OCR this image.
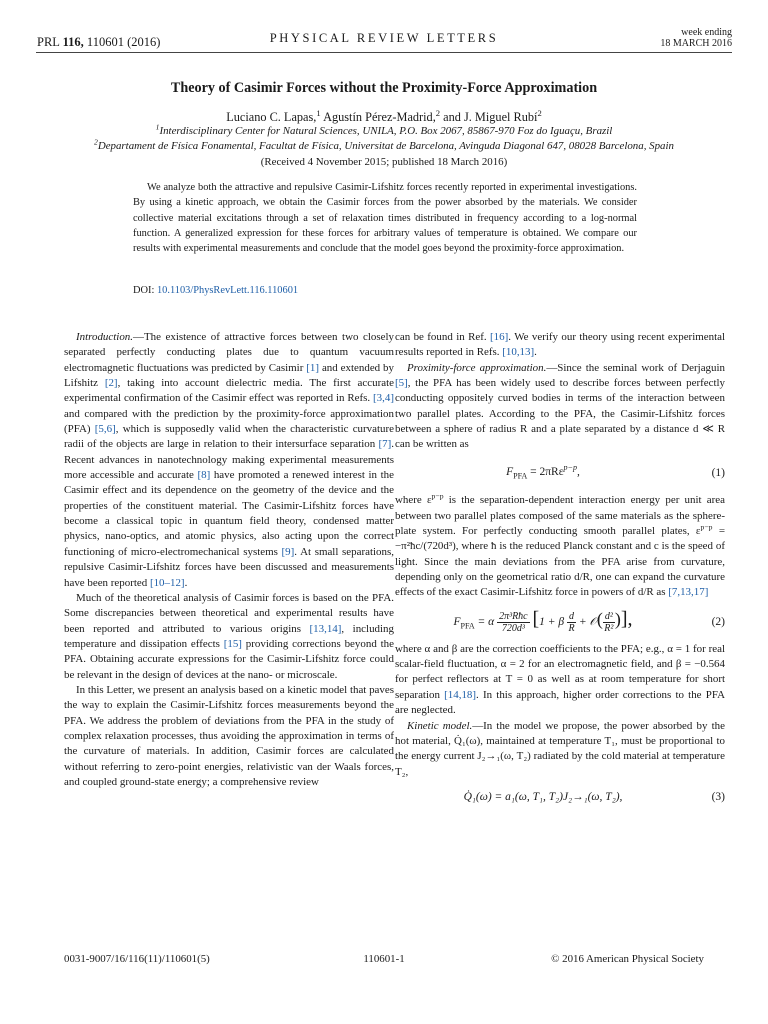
PRL 116, 110601 (2016)	PHYSICAL REVIEW LETTERS	week ending
18 MARCH 2016
Theory of Casimir Forces without the Proximity-Force Approximation
Luciano C. Lapas,$^1$ Agustín Pérez-Madrid,$^2$ and J. Miguel Rubí$^2$
$^1$Interdisciplinary Center for Natural Sciences, UNILA, P.O. Box 2067, 85867-970 Foz do Iguaçu, Brazil
$^2$Departament de Física Fonamental, Facultat de Física, Universitat de Barcelona, Avinguda Diagonal 647, 08028 Barcelona, Spain
(Received 4 November 2015; published 18 March 2016)

We analyze both the attractive and repulsive Casimir-Lifshitz forces recently reported in experimental investigations. By using a kinetic approach, we obtain the Casimir forces from the power absorbed by the materials. We consider collective material excitations through a set of relaxation times distributed in frequency according to a log-normal function. A generalized expression for these forces for arbitrary values of temperature is obtained. We compare our results with experimental measurements and conclude that the model goes beyond the proximity-force approximation.

DOI: 10.1103/PhysRevLett.116.110601

Introduction.—The existence of attractive forces between two closely separated perfectly conducting plates due to quantum vacuum electromagnetic fluctuations was predicted by Casimir [1] and extended by Lifshitz [2], taking into account dielectric media. The first accurate experimental confirmation of the Casimir effect was reported in Refs. [3,4] and compared with the prediction by the proximity-force approximation (PFA) [5,6], which is supposedly valid when the characteristic curvature radii of the objects are large in relation to their intersurface separation [7]. Recent advances in nanotechnology making experimental measurements more accessible and accurate [8] have promoted a renewed interest in the Casimir effect and its dependence on the geometry of the device and the properties of the constituent material. The Casimir-Lifshitz forces have become a classical topic in quantum field theory, condensed matter physics, nano-optics, and atomic physics, also acting upon the correct functioning of micro-electromechanical systems [9]. At small separations, repulsive Casimir-Lifshitz forces have been discussed and measurements have been reported [10–12].

Much of the theoretical analysis of Casimir forces is based on the PFA. Some discrepancies between theoretical and experimental results have been reported and attributed to various origins [13,14], including temperature and dissipation effects [15] providing corrections beyond the PFA. Obtaining accurate expressions for the Casimir-Lifshitz force could be relevant in the design of devices at the nano- or microscale.

In this Letter, we present an analysis based on a kinetic model that paves the way to explain the Casimir-Lifshitz forces measurements beyond the PFA. We address the problem of deviations from the PFA in the study of complex relaxation processes, thus avoiding the approximation in terms of the curvature of materials. In addition, Casimir forces are calculated without referring to zero-point energies, relativistic van der Waals forces, and coupled ground-state energy; a comprehensive review

can be found in Ref. [16]. We verify our theory using recent experimental results reported in Refs. [10,13].

Proximity-force approximation.—Since the seminal work of Derjaguin [5], the PFA has been widely used to describe forces between perfectly conducting oppositely curved bodies in terms of the interaction between two parallel plates. According to the PFA, the Casimir-Lifshitz forces between a sphere of radius R and a plate separated by a distance d ≪ R can be written as

$F_{PFA} = 2\pi R\varepsilon^{p-p}$,	(1)

where $\varepsilon^{p-p}$ is the separation-dependent interaction energy per unit area between two parallel plates composed of the same materials as the sphere-plate system. For perfectly conducting smooth parallel plates, $\varepsilon^{p-p}$ = −π²ħc/(720d³), where ħ is the reduced Planck constant and c is the speed of light. Since the main deviations from the PFA arise from curvature, depending only on the geometrical ratio d/R, one can expand the curvature effects of the exact Casimir-Lifshitz force in powers of d/R as [7,13,17]

$F_{PFA} = \alpha \frac{\text{2π³Rħc}}{\text{720d³}} [1 + \beta \frac{d}{R}$ + 𝒪( $\frac{\text{d²}}{\text{R²}}$ )],	(2)

where α and β are the correction coefficients to the PFA; e.g., α = 1 for real scalar-field fluctuation, α = 2 for an electromagnetic field, and β = −0.564 for perfect reflectors at T = 0 as well as at room temperature for short separation [14,18]. In this approach, higher order corrections to the PFA are neglected.

Kinetic model.—In the model we propose, the power absorbed by the hot material, Q̇₁(ω), maintained at temperature T₁, must be proportional to the energy current J₂→₁(ω, T₂) radiated by the cold material at temperature T₂,

Q̇₁(ω) = a₁(ω, T₁, T₂)J₂→₁(ω, T₂),	(3)
0031-9007/16/116(11)/110601(5)	110601-1	© 2016 American Physical Society
